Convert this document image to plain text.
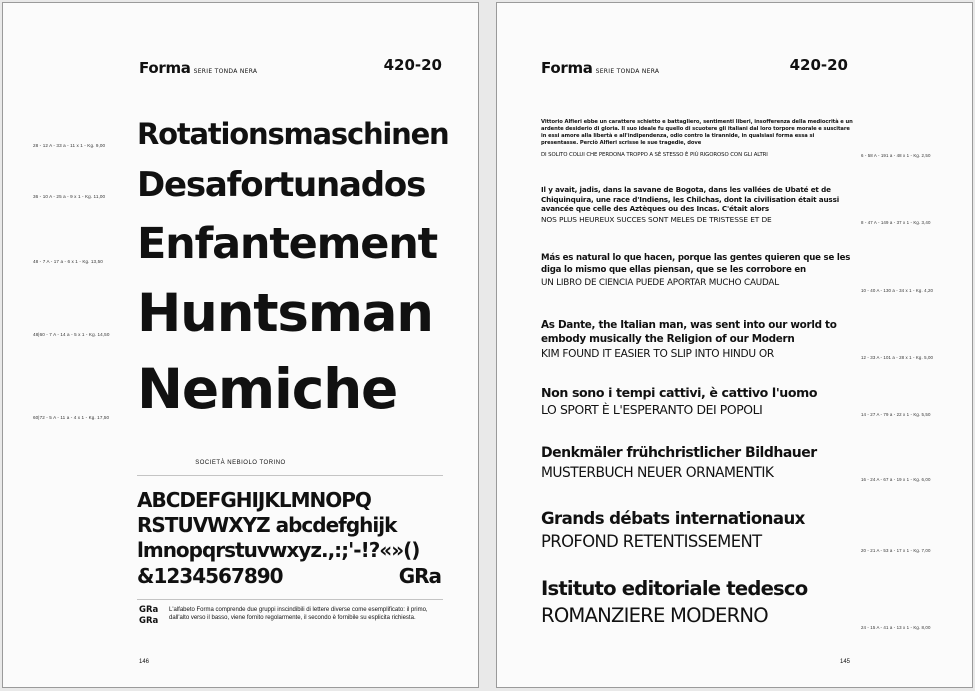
Forma SERIE TONDA NERA	420-20
28 - 12 A - 33 a - 11 x 1 - Kg. 9,00 Rotationsmaschinen
36 - 10 A - 25 a - 9 x 1 - Kg. 11,00 Desafortunados
48 - 7 A - 17 a - 6 x 1 - Kg. 13,50 Enfantement
48|60 - 7 A - 14 a - 5 x 1 - Kg. 14,50 Huntsman
60|72 - 5 A - 11 a - 4 x 1 - Kg. 17,50 Nemiche
SOCIETÀ NEBIOLO TORINO
ABCDEFGHIJKLMNOPQ
RSTUVWXYZ abcdefghijk
lmnopqrstuvwxyz.,:;'-!?«»()
&1234567890	GRa
GRa
GRa
L'alfabeto Forma comprende due gruppi inscindibili di lettere diverse come esemplificato: il primo, dall'alto verso il basso, viene fornito regolarmente, il secondo è fornibile su esplicita richiesta.
146
Forma SERIE TONDA NERA	420-20
Vittorio Alfieri ebbe un carattere schietto e battagliero, sentimenti liberi, insofferenza della mediocrità e un ardente desiderio di gloria. Il suo ideale fu quello di scuotere gli italiani dal loro torpore morale e suscitare in essi amore alla libertà e all'indipendenza, odio contro la tirannide, in qualsiasi forma essa si presentasse. Perciò Alfieri scrisse le sue tragedie, dove
DI SOLITO COLUI CHE PERDONA TROPPO A SÈ STESSO È PIÙ RIGOROSO CON GLI ALTRI	6 - 58 A - 191 a - 48 x 1 - Kg. 2,50
Il y avait, jadis, dans la savane de Bogota, dans les vallées de Ubaté et de Chiquinquira, une race d'Indiens, les Chilchas, dont la civilisation était aussi avancée que celle des Aztèques ou des Incas. C'était alors
NOS PLUS HEUREUX SUCCES SONT MELES DE TRISTESSE ET DE	8 - 47 A - 149 a - 37 x 1 - Kg. 3,40
Más es natural lo que hacen, porque las gentes quieren que se les diga lo mismo que ellas piensan, que se les corrobore en
UN LIBRO DE CIENCIA PUEDE APORTAR MUCHO CAUDAL
10 - 40 A - 130 a - 34 x 1 - Kg. 4,20
As Dante, the Italian man, was sent into our world to embody musically the Religion of our Modern
KIM FOUND IT EASIER TO SLIP INTO HINDU OR	12 - 33 A - 101 a - 28 x 1 - Kg. 5,00
Non sono i tempi cattivi, è cattivo l'uomo
LO SPORT È L'ESPERANTO DEI POPOLI	14 - 27 A - 79 a - 22 x 1 - Kg. 5,50
Denkmäler frühchristlicher Bildhauer
MUSTERBUCH NEUER ORNAMENTIK	16 - 24 A - 67 a - 19 x 1 - Kg. 6,00
Grands débats internationaux
PROFOND RETENTISSEMENT	20 - 21 A - 53 a - 17 x 1 - Kg. 7,00
Istituto editoriale tedesco
ROMANZIERE MODERNO
24 - 15 A - 41 a - 13 x 1 - Kg. 8,00
145
